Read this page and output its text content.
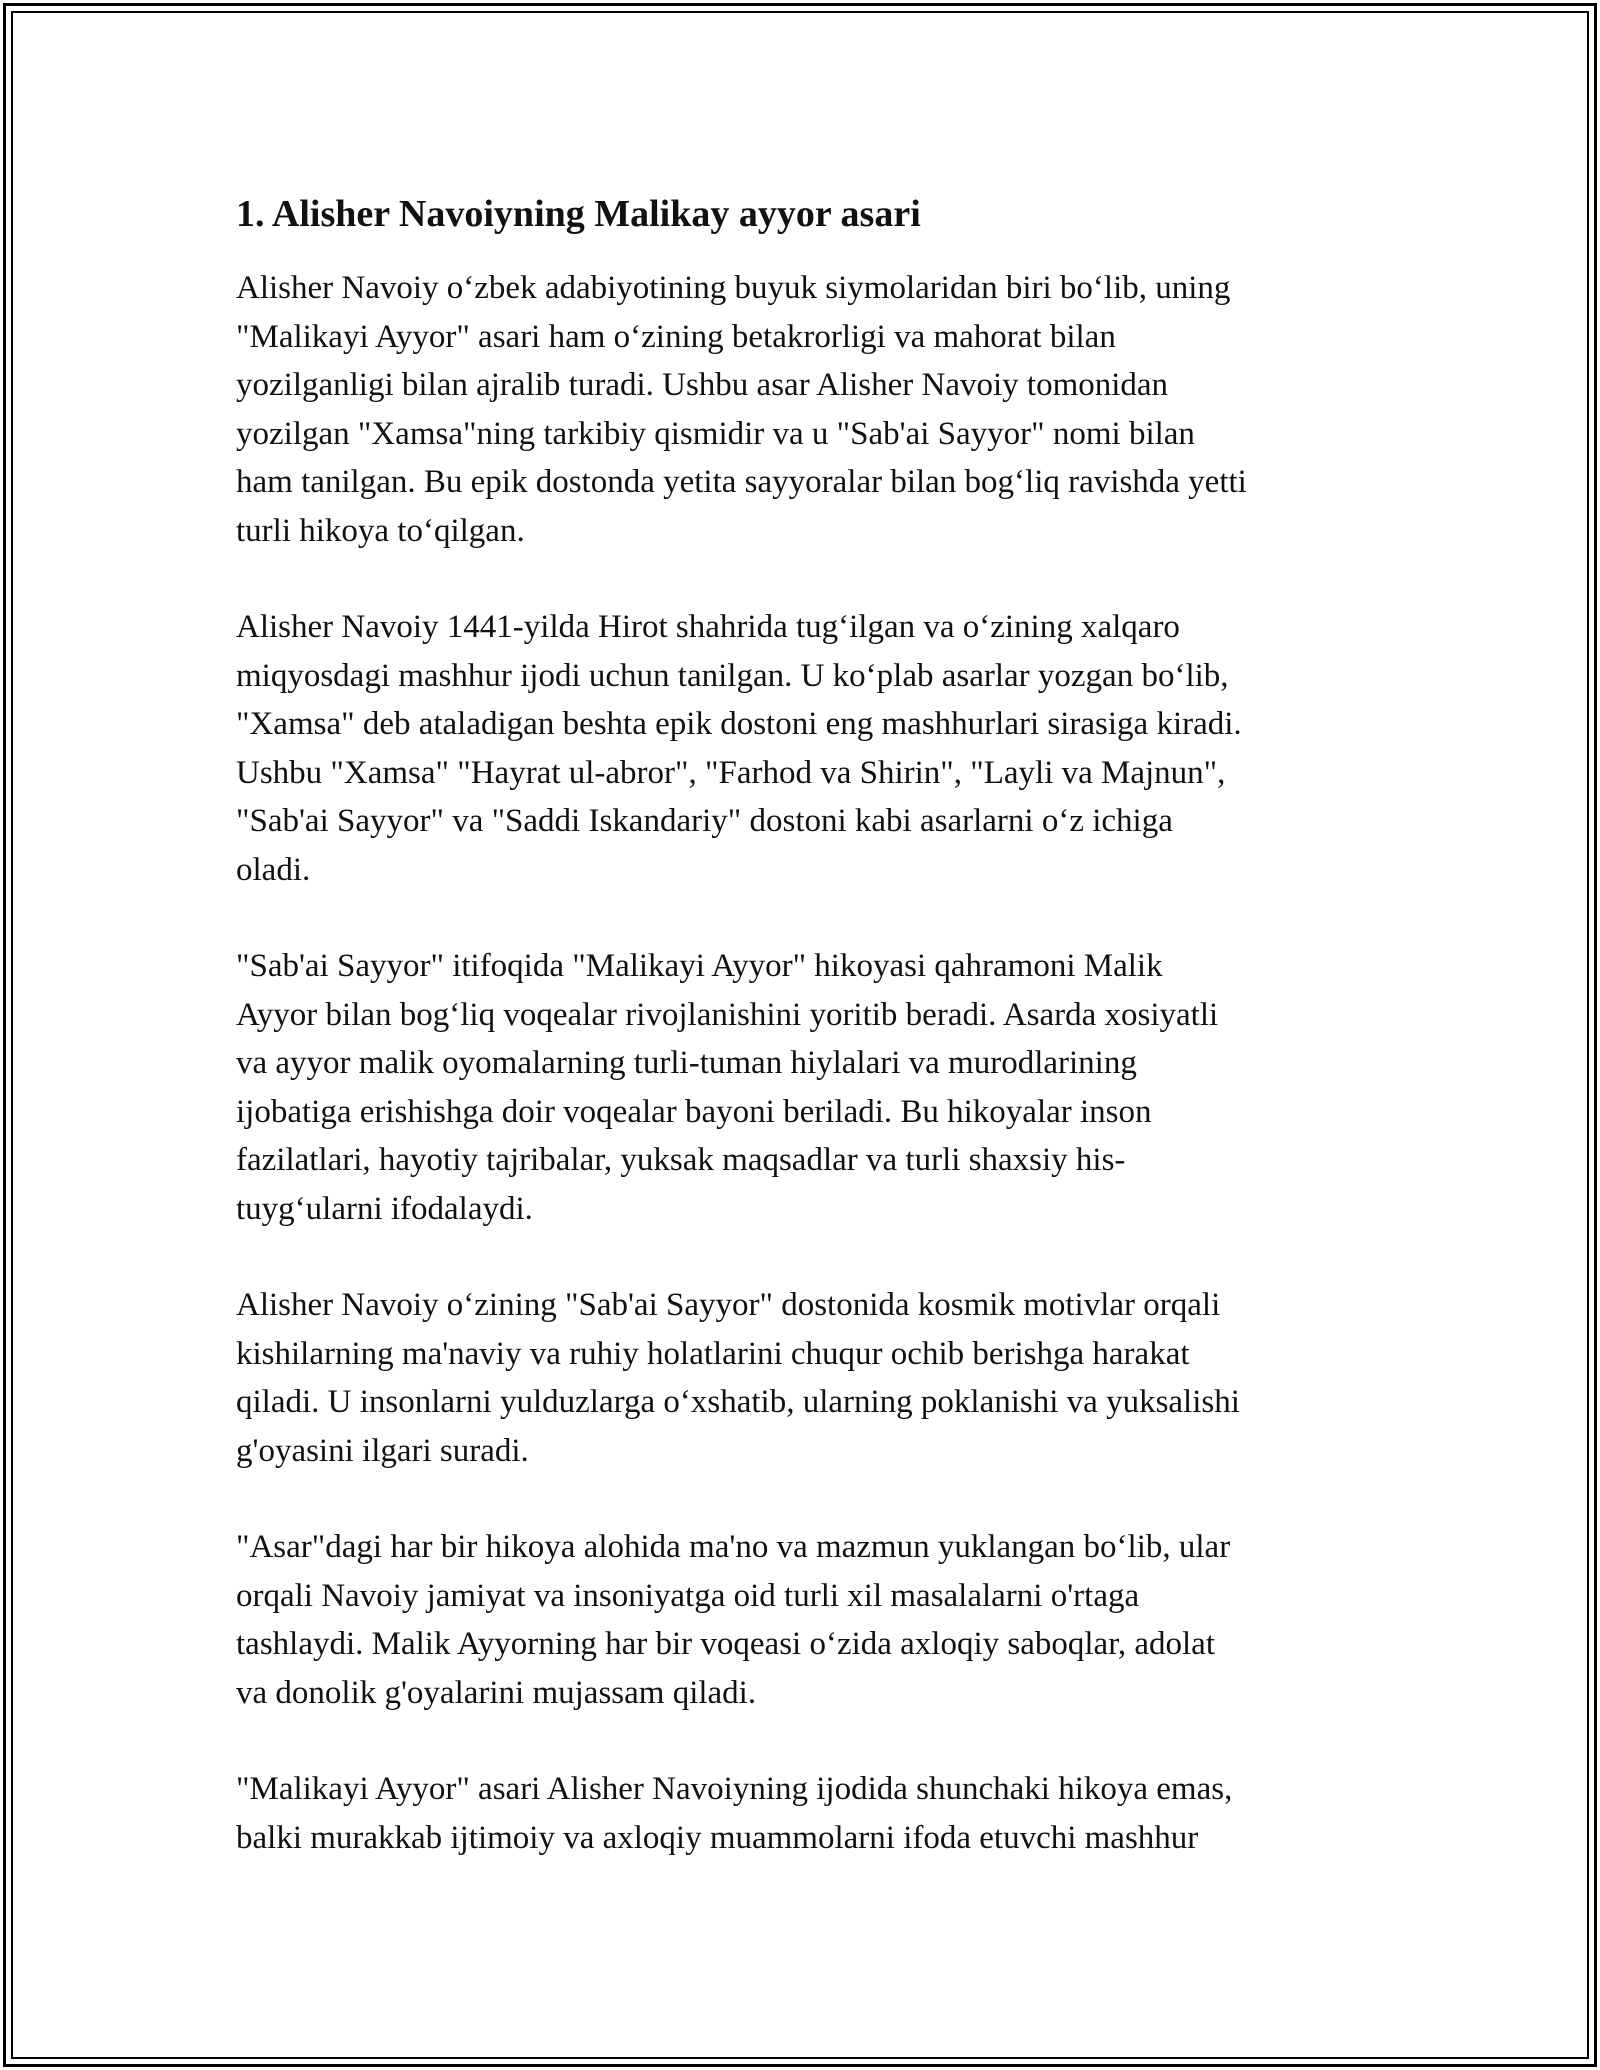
1. Alisher Navoiyning Malikay ayyor asari
Alisher Navoiy o‘zbek adabiyotining buyuk siymolaridan biri bo‘lib, uning
"Malikayi Ayyor" asari ham o‘zining betakrorligi va mahorat bilan
yozilganligi bilan ajralib turadi. Ushbu asar Alisher Navoiy tomonidan
yozilgan "Xamsa"ning tarkibiy qismidir va u "Sab'ai Sayyor" nomi bilan
ham tanilgan. Bu epik dostonda yetita sayyoralar bilan bog‘liq ravishda yetti
turli hikoya to‘qilgan.
Alisher Navoiy 1441-yilda Hirot shahrida tug‘ilgan va o‘zining xalqaro
miqyosdagi mashhur ijodi uchun tanilgan. U ko‘plab asarlar yozgan bo‘lib,
"Xamsa" deb ataladigan beshta epik dostoni eng mashhurlari sirasiga kiradi.
Ushbu "Xamsa" "Hayrat ul-abror", "Farhod va Shirin", "Layli va Majnun",
"Sab'ai Sayyor" va "Saddi Iskandariy" dostoni kabi asarlarni o‘z ichiga
oladi.
"Sab'ai Sayyor" itifoqida "Malikayi Ayyor" hikoyasi qahramoni Malik
Ayyor bilan bog‘liq voqealar rivojlanishini yoritib beradi. Asarda xosiyatli
va ayyor malik oyomalarning turli-tuman hiylalari va murodlarining
ijobatiga erishishga doir voqealar bayoni beriladi. Bu hikoyalar inson
fazilatlari, hayotiy tajribalar, yuksak maqsadlar va turli shaxsiy his-
tuyg‘ularni ifodalaydi.
Alisher Navoiy o‘zining "Sab'ai Sayyor" dostonida kosmik motivlar orqali
kishilarning ma'naviy va ruhiy holatlarini chuqur ochib berishga harakat
qiladi. U insonlarni yulduzlarga o‘xshatib, ularning poklanishi va yuksalishi
g'oyasini ilgari suradi.
"Asar"dagi har bir hikoya alohida ma'no va mazmun yuklangan bo‘lib, ular
orqali Navoiy jamiyat va insoniyatga oid turli xil masalalarni o'rtaga
tashlaydi. Malik Ayyorning har bir voqeasi o‘zida axloqiy saboqlar, adolat
va donolik g'oyalarini mujassam qiladi.
"Malikayi Ayyor" asari Alisher Navoiyning ijodida shunchaki hikoya emas,
balki murakkab ijtimoiy va axloqiy muammolarni ifoda etuvchi mashhur
